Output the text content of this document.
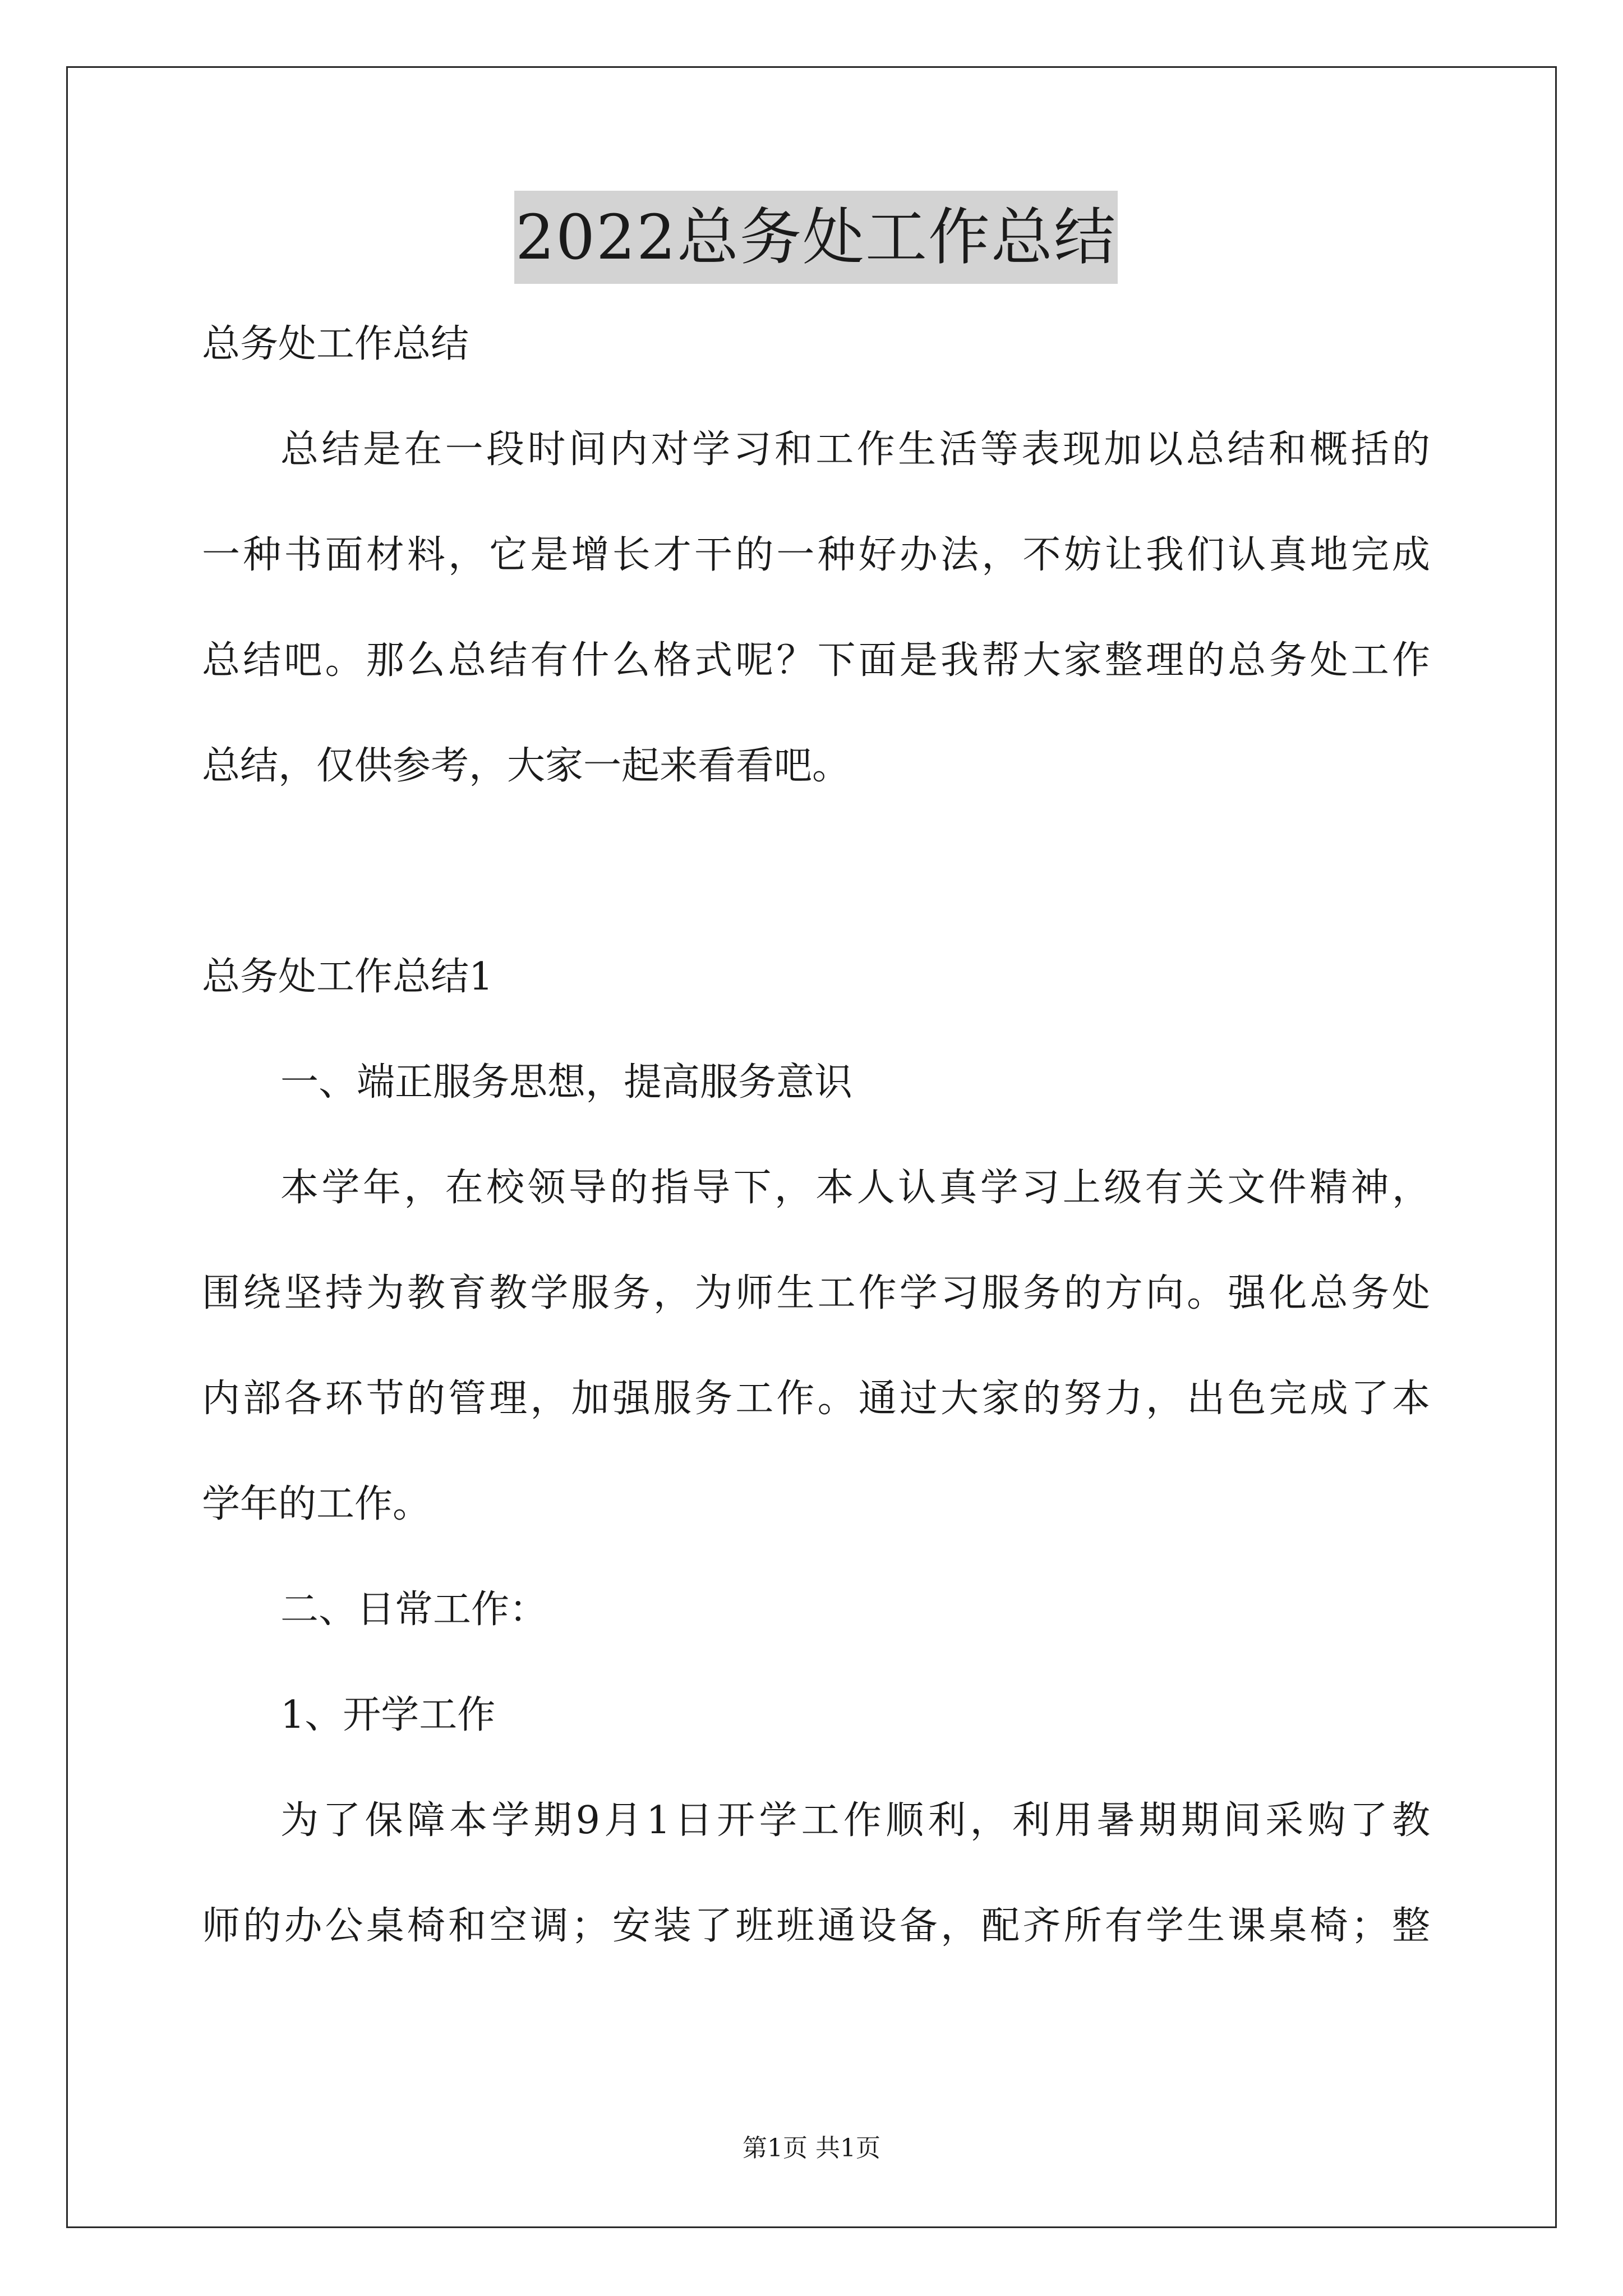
2022总务处工作总结
总务处工作总结
总结是在一段时间内对学习和工作生活等表现加以总结和概括的
一种书面材料，它是增长才干的一种好办法，不妨让我们认真地完成
总结吧。那么总结有什么格式呢？下面是我帮大家整理的总务处工作
总结，仅供参考，大家一起来看看吧。
总务处工作总结1
一、端正服务思想，提高服务意识
本学年，在校领导的指导下，本人认真学习上级有关文件精神，
围绕坚持为教育教学服务，为师生工作学习服务的方向。强化总务处
内部各环节的管理，加强服务工作。通过大家的努力，出色完成了本
学年的工作。
二、日常工作：
1、开学工作
为了保障本学期9月1日开学工作顺利，利用暑期期间采购了教
师的办公桌椅和空调；安装了班班通设备，配齐所有学生课桌椅；整
第1页 共1页
